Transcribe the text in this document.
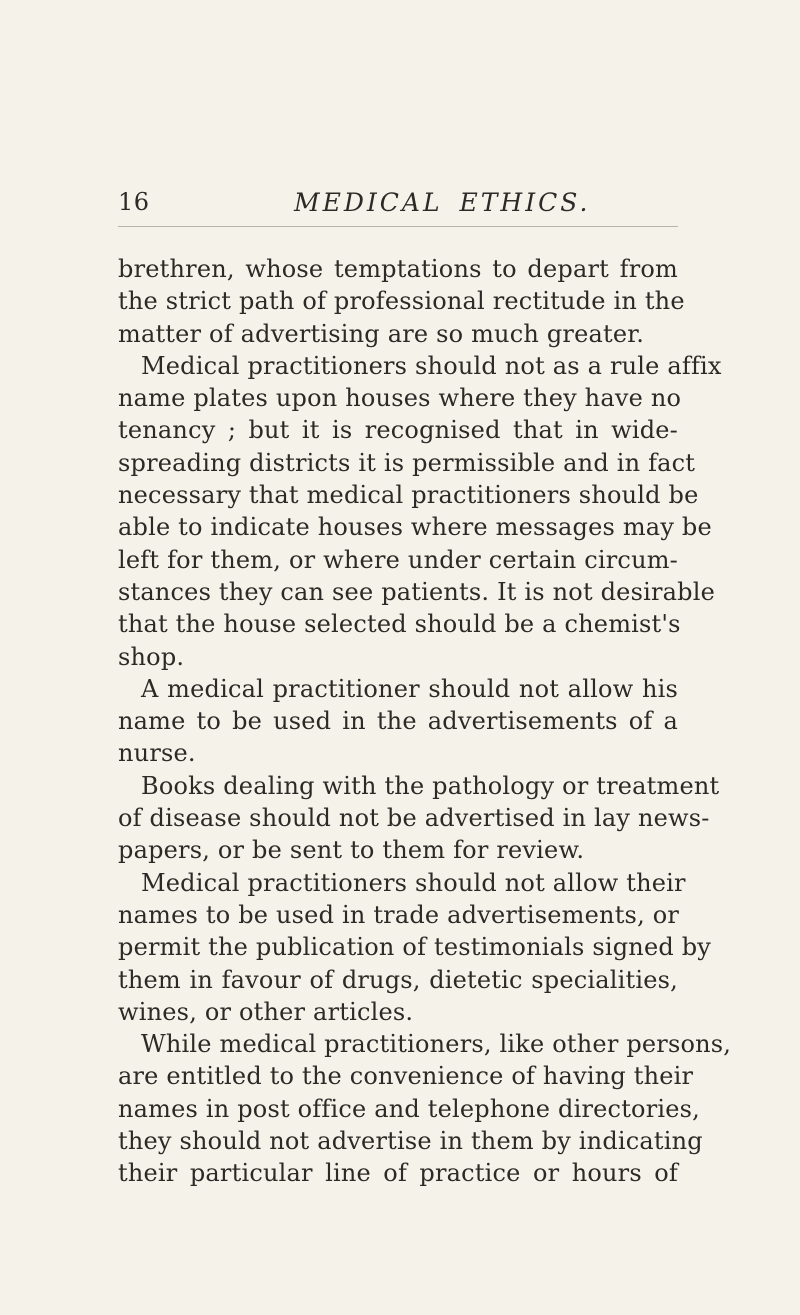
16	MEDICAL ETHICS.
brethren, whose temptations to depart from
the strict path of professional rectitude in the
matter of advertising are so much greater.
Medical practitioners should not as a rule affix
name plates upon houses where they have no
tenancy ; but it is recognised that in wide-
spreading districts it is permissible and in fact
necessary that medical practitioners should be
able to indicate houses where messages may be
left for them, or where under certain circum-
stances they can see patients. It is not desirable
that the house selected should be a chemist's
shop.
A medical practitioner should not allow his
name to be used in the advertisements of a
nurse.
Books dealing with the pathology or treatment
of disease should not be advertised in lay news-
papers, or be sent to them for review.
Medical practitioners should not allow their
names to be used in trade advertisements, or
permit the publication of testimonials signed by
them in favour of drugs, dietetic specialities,
wines, or other articles.
While medical practitioners, like other persons,
are entitled to the convenience of having their
names in post office and telephone directories,
they should not advertise in them by indicating
their particular line of practice or hours of
